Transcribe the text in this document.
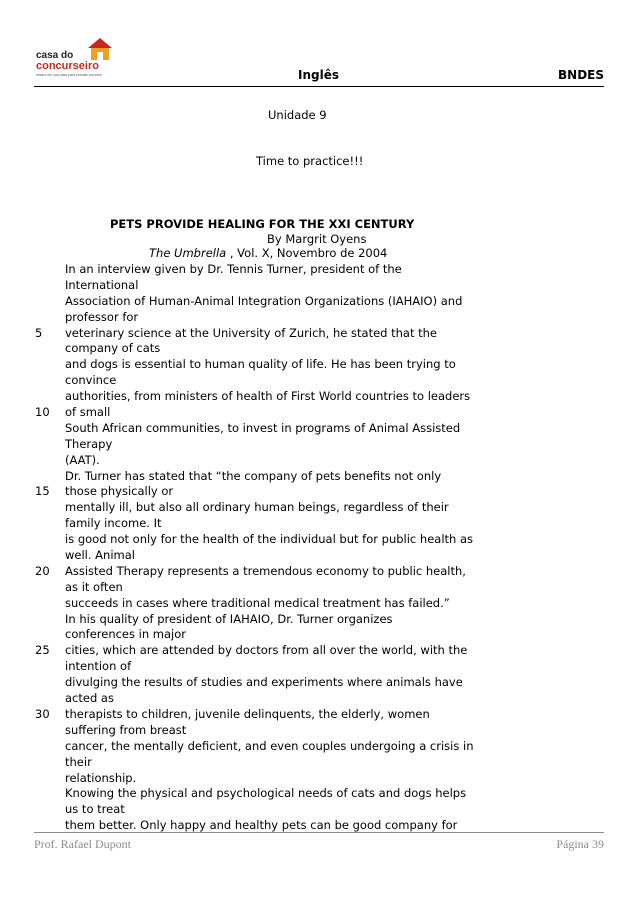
casa do
concurseiro
ensino em sua casa para estudar conosco	Inglês	BNDES
Unidade 9
Time to practice!!!
PETS PROVIDE HEALING FOR THE XXI CENTURY
By Margrit Oyens
The Umbrella , Vol. X, Novembro de 2004
In an interview given by Dr. Tennis Turner, president of the
International
Association of Human-Animal Integration Organizations (IAHAIO) and
professor for
5 veterinary science at the University of Zurich, he stated that the
company of cats
and dogs is essential to human quality of life. He has been trying to
convince
authorities, from ministers of health of First World countries to leaders
10 of small
South African communities, to invest in programs of Animal Assisted
Therapy
(AAT).
Dr. Turner has stated that “the company of pets benefits not only
15 those physically or
mentally ill, but also all ordinary human beings, regardless of their
family income. It
is good not only for the health of the individual but for public health as
well. Animal
20 Assisted Therapy represents a tremendous economy to public health,
as it often
succeeds in cases where traditional medical treatment has failed.”
In his quality of president of IAHAIO, Dr. Turner organizes
conferences in major
25 cities, which are attended by doctors from all over the world, with the
intention of
divulging the results of studies and experiments where animals have
acted as
30 therapists to children, juvenile delinquents, the elderly, women
suffering from breast
cancer, the mentally deficient, and even couples undergoing a crisis in
their
relationship.
Knowing the physical and psychological needs of cats and dogs helps
us to treat
them better. Only happy and healthy pets can be good company for
Prof. Rafael Dupont	Página 39
